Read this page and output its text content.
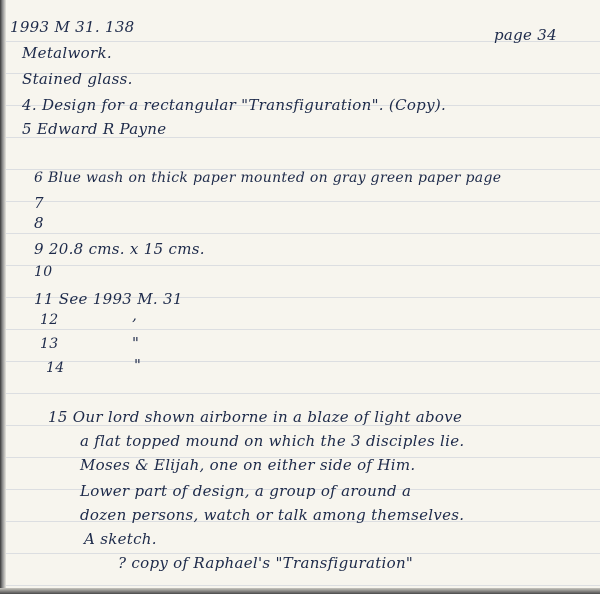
1993 M 31. 138	page 34
Metalwork.
Stained glass.
4. Design for a rectangular "Transfiguration". (Copy).
5 Edward R Payne
6 Blue wash on thick paper mounted on gray green paper page
7
8
9 20.8 cms. x 15 cms.
10
11 See 1993 M. 31
12	‚
13	"
14	"
15 Our lord shown airborne in a blaze of light above
a flat topped mound on which the 3 disciples lie.
Moses & Elijah, one on either side of Him.
Lower part of design, a group of around a
dozen persons, watch or talk among themselves.
A sketch.
? copy of Raphael's "Transfiguration"
